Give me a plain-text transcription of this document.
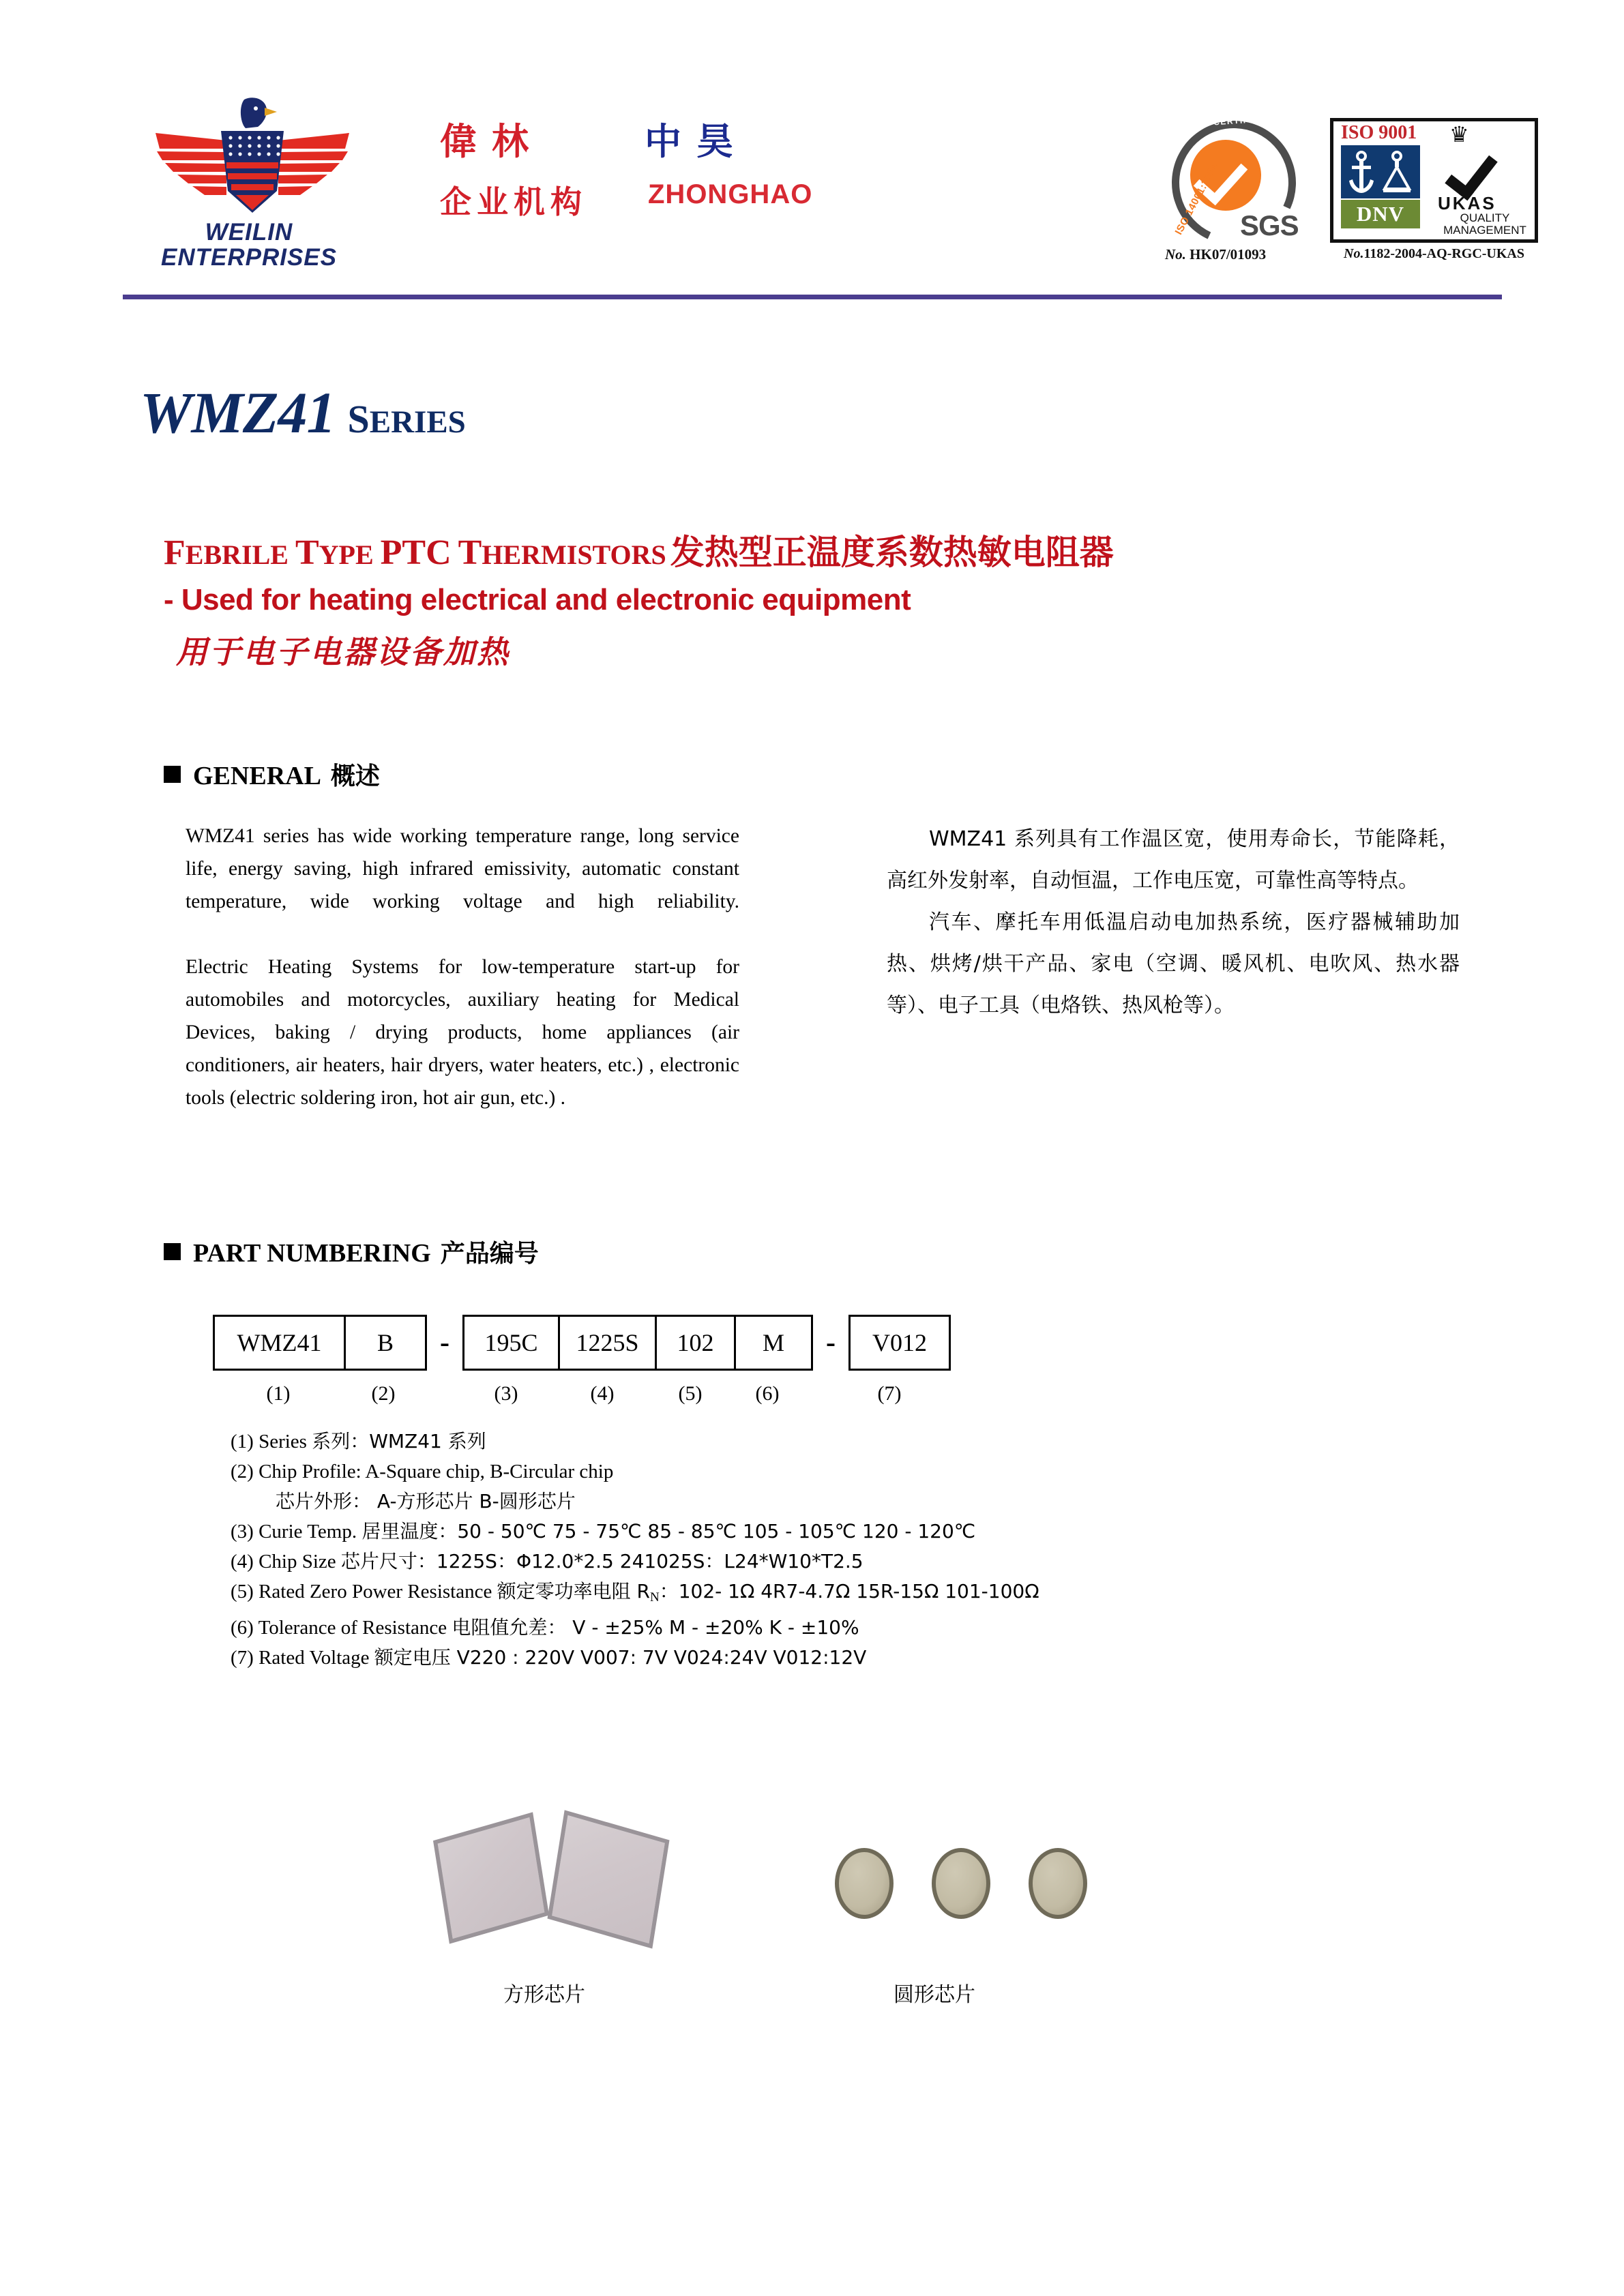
WEILIN
ENTERPRISES
偉林	中昊
企业机构 ZHONGHAO
SYSTEM CERTIFICATION
ISO 14001:2004 SGS
No. HK07/01093
ISO 9001
DNV
♛
UKAS
QUALITY
MANAGEMENT
No.1182-2004-AQ-RGC-UKAS
WMZ41 SERIES
FEBRILE TYPE PTC THERMISTORS 发热型正温度系数热敏电阻器
- Used for heating electrical and electronic equipment
用于电子电器设备加热
GENERAL 概述

WMZ41 series has wide working temperature range, long service life, energy saving, high infrared emissivity, automatic constant temperature, wide working voltage and high reliability.

Electric Heating Systems for low-temperature start-up for automobiles and motorcycles, auxiliary heating for Medical Devices, baking / drying products, home appliances (air conditioners, air heaters, hair dryers, water heaters, etc.) , electronic tools (electric soldering iron, hot air gun, etc.) .

WMZ41 系列具有工作温区宽，使用寿命长，节能降耗，高红外发射率，自动恒温，工作电压宽，可靠性高等特点。

汽车、摩托车用低温启动电加热系统，医疗器械辅助加热、烘烤/烘干产品、家电（空调、暖风机、电吹风、热水器等）、电子工具（电烙铁、热风枪等）。

PART NUMBERING 产品编号
WMZ41	B	-	195C	1225S	102	M	-	V012
(1)	(2)	(3)	(4)	(5)	(6)	(7)
(1) Series 系列：WMZ41 系列
(2) Chip Profile: A-Square chip, B-Circular chip
芯片外形： A-方形芯片 B-圆形芯片
(3) Curie Temp. 居里温度：50 - 50℃ 75 - 75℃ 85 - 85℃ 105 - 105℃ 120 - 120℃
(4) Chip Size 芯片尺寸：1225S：Φ12.0*2.5 241025S：L24*W10*T2.5
(5) Rated Zero Power Resistance 额定零功率电阻 $R_N$：102- 1Ω 4R7-4.7Ω 15R-15Ω 101-100Ω
(6) Tolerance of Resistance 电阻值允差： V - ±25% M - ±20% K - ±10%
(7) Rated Voltage 额定电压 V220 : 220V V007: 7V V024:24V V012:12V
方形芯片	圆形芯片
